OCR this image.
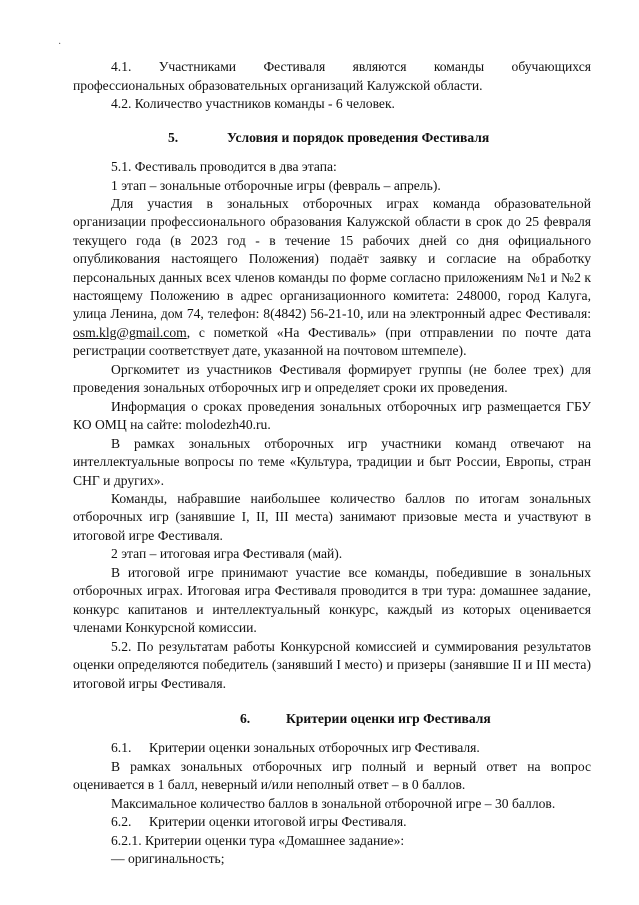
·
4.1. Участниками Фестиваля являются команды обучающихся

профессиональных образовательных организаций Калужской области.

4.2. Количество участников команды - 6 человек.

5.	Условия и порядок проведения Фестиваля

5.1. Фестиваль проводится в два этапа:

1 этап – зональные отборочные игры (февраль – апрель).

Для участия в зональных отборочных играх команда образовательной организации профессионального образования Калужской области в срок до 25 февраля текущего года (в 2023 год - в течение 15 рабочих дней со дня официального опубликования настоящего Положения) подаёт заявку и согласие на обработку персональных данных всех членов команды по форме согласно приложениям №1 и №2 к настоящему Положению в адрес организационного комитета: 248000, город Калуга, улица Ленина, дом 74, телефон: 8(4842) 56-21-10, или на электронный адрес Фестиваля: osm.klg@gmail.com, с пометкой «На Фестиваль» (при отправлении по почте дата регистрации соответствует дате, указанной на почтовом штемпеле).

Оргкомитет из участников Фестиваля формирует группы (не более трех) для проведения зональных отборочных игр и определяет сроки их проведения.

Информация о сроках проведения зональных отборочных игр размещается ГБУ КО ОМЦ на сайте: molodezh40.ru.

В рамках зональных отборочных игр участники команд отвечают на интеллектуальные вопросы по теме «Культура, традиции и быт России, Европы, стран СНГ и других».

Команды, набравшие наибольшее количество баллов по итогам зональных отборочных игр (занявшие I, II, III места) занимают призовые места и участвуют в итоговой игре Фестиваля.

2 этап – итоговая игра Фестиваля (май).

В итоговой игре принимают участие все команды, победившие в зональных отборочных играх. Итоговая игра Фестиваля проводится в три тура: домашнее задание, конкурс капитанов и интеллектуальный конкурс, каждый из которых оценивается членами Конкурсной комиссии.

5.2. По результатам работы Конкурсной комиссией и суммирования результатов оценки определяются победитель (занявший I место) и призеры (занявшие II и III места) итоговой игры Фестиваля.

6.	Критерии оценки игр Фестиваля
6.1. Критерии оценки зональных отборочных игр Фестиваля.

В рамках зональных отборочных игр полный и верный ответ на вопрос оценивается в 1 балл, неверный и/или неполный ответ – в 0 баллов.

Максимальное количество баллов в зональной отборочной игре – 30 баллов.

6.2. Критерии оценки итоговой игры Фестиваля.

6.2.1. Критерии оценки тура «Домашнее задание»:

— оригинальность;
